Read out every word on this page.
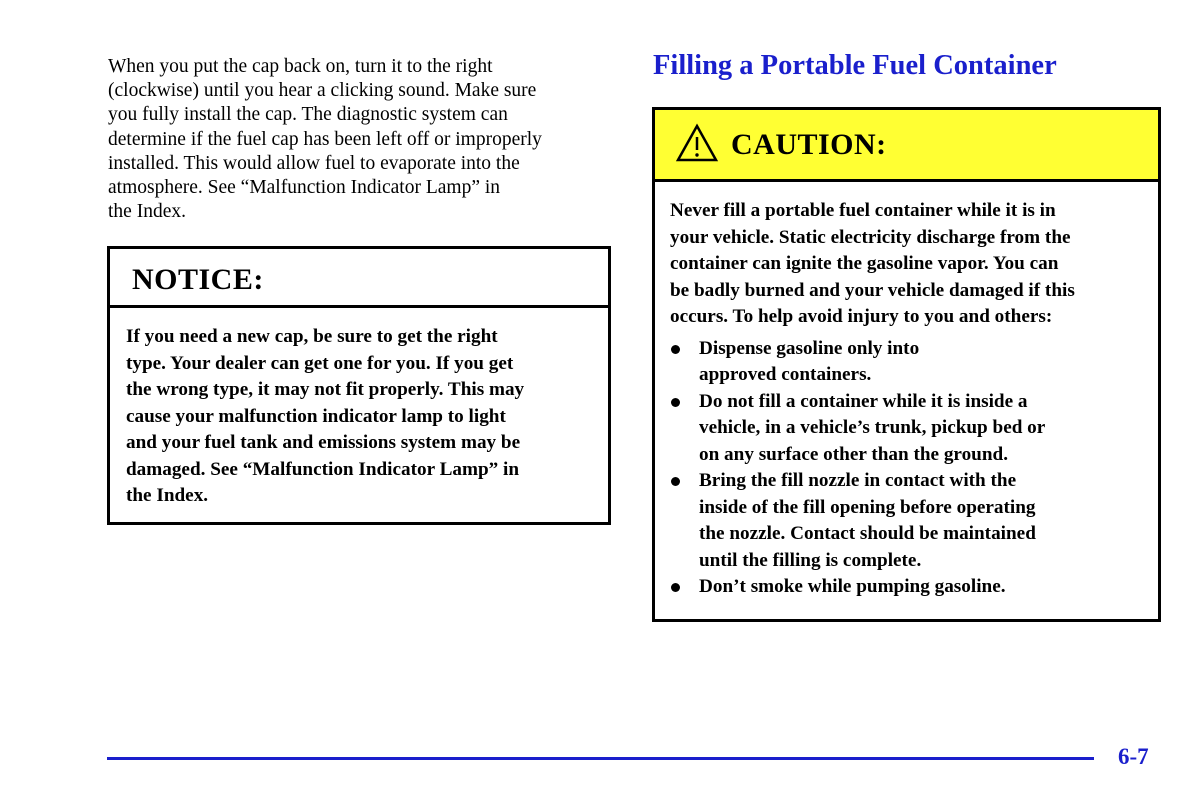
When you put the cap back on, turn it to the right
(clockwise) until you hear a clicking sound. Make sure
you fully install the cap. The diagnostic system can
determine if the fuel cap has been left off or improperly
installed. This would allow fuel to evaporate into the
atmosphere. See “Malfunction Indicator Lamp” in
the Index.

NOTICE:
If you need a new cap, be sure to get the right
type. Your dealer can get one for you. If you get
the wrong type, it may not fit properly. This may
cause your malfunction indicator lamp to light
and your fuel tank and emissions system may be
damaged. See “Malfunction Indicator Lamp” in
the Index.
Filling a Portable Fuel Container
CAUTION:
Never fill a portable fuel container while it is in
your vehicle. Static electricity discharge from the
container can ignite the gasoline vapor. You can
be badly burned and your vehicle damaged if this
occurs. To help avoid injury to you and others:
Dispense gasoline only into
approved containers.
Do not fill a container while it is inside a
vehicle, in a vehicle’s trunk, pickup bed or
on any surface other than the ground.
Bring the fill nozzle in contact with the
inside of the fill opening before operating
the nozzle. Contact should be maintained
until the filling is complete.
Don’t smoke while pumping gasoline.
6-7
